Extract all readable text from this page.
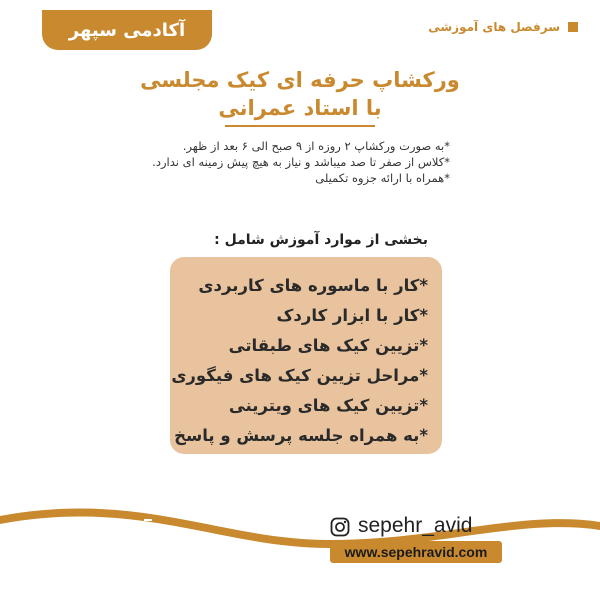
آکادمی سپهر	سرفصل های آموزشی
ورکشاپ حرفه ای کیک مجلسی
با استاد عمرانی
*به صورت ورکشاپ ۲ روزه از ۹ صبح الی ۶ بعد از ظهر.
*کلاس از صفر تا صد میباشد و نیاز به هیچ پیش زمینه ای ندارد.
*همراه با ارائه جزوه تکمیلی
بخشی از موارد آموزش شامل :
*کار با ماسوره های کاربردی
*کار با ابزار کاردک
*تزیین کیک های طبقاتی
*مراحل تزیین کیک های فیگوری
*تزیین کیک های ویترینی
*به همراه جلسه پرسش و پاسخ
sepehr_avid
www.sepehravid.com
